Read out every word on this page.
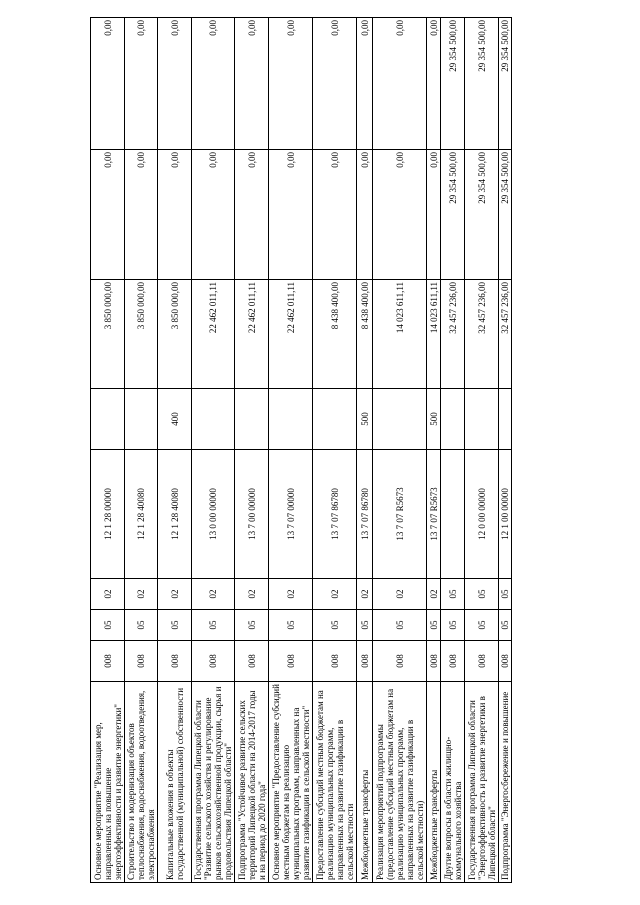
Основное мероприятие "Реализация мер, направленных на повышение энергоэффективности и развитие энергетики"	008	05	02	12 1 28 00000		3 850 000,00	0,00	0,00
Строительство и модернизация объектов теплоснабжения, водоснабжения, водоотведения, электроснабжения	008	05	02	12 1 28 40080		3 850 000,00	0,00	0,00
Капитальные вложения в объекты государственной (муниципальной) собственности	008	05	02	12 1 28 40080	400	3 850 000,00	0,00	0,00
Государственная программа Липецкой области "Развитие сельского хозяйства и регулирование рынков сельскохозяйственной продукции, сырья и продовольствия Липецкой области"	008	05	02	13 0 00 00000		22 462 011,11	0,00	0,00
Подпрограмма "Устойчивое развитие сельских территорий Липецкой области на 2014-2017 годы и на период до 2020 года"	008	05	02	13 7 00 00000		22 462 011,11	0,00	0,00
Основное мероприятие "Предоставление субсидий местным бюджетам на реализацию муниципальных программ, направленных на развитие газификации в сельской местности"	008	05	02	13 7 07 00000		22 462 011,11	0,00	0,00
Предоставление субсидий местным бюджетам на реализацию муниципальных программ, направленных на развитие газификации в сельской местности	008	05	02	13 7 07 86780		8 438 400,00	0,00	0,00
Межбюджетные трансферты	008	05	02	13 7 07 86780	500	8 438 400,00	0,00	0,00
Реализация мероприятий подпрограммы (предоставление субсидий местным бюджетам на реализацию муниципальных программ, направленных на развитие газификации в сельской местности)	008	05	02	13 7 07 R5673		14 023 611,11	0,00	0,00
Межбюджетные трансферты	008	05	02	13 7 07 R5673	500	14 023 611,11	0,00	0,00
Другие вопросы в области жилищно-коммунального хозяйства	008	05	05			32 457 236,00	29 354 500,00	29 354 500,00
Государственная программа Липецкой области "Энергоэффективность и развитие энергетики в Липецкой области"	008	05	05	12 0 00 00000		32 457 236,00	29 354 500,00	29 354 500,00
Подпрограмма "Энергосбережение и повышение	008	05	05	12 1 00 00000		32 457 236,00	29 354 500,00	29 354 500,00
